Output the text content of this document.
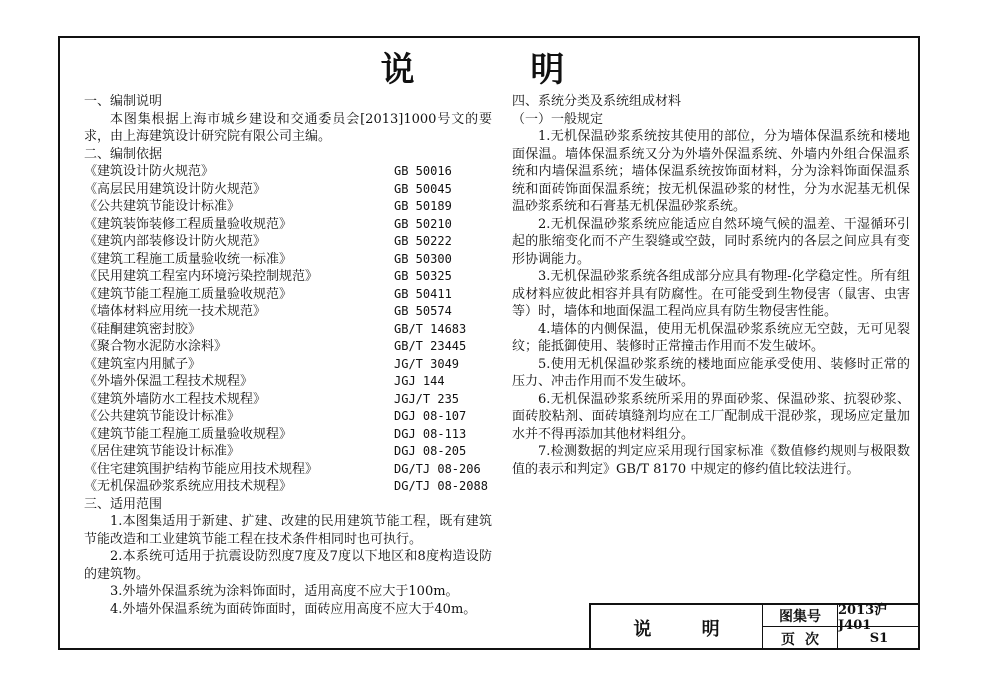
说 明
一、编制说明
本图集根据上海市城乡建设和交通委员会[2013]1000号文的要求，由上海建筑设计研究院有限公司主编。
二、编制依据
《建筑设计防火规范》	GB 50016
《高层民用建筑设计防火规范》	GB 50045
《公共建筑节能设计标准》	GB 50189
《建筑装饰装修工程质量验收规范》	GB 50210
《建筑内部装修设计防火规范》	GB 50222
《建筑工程施工质量验收统一标准》	GB 50300
《民用建筑工程室内环境污染控制规范》	GB 50325
《建筑节能工程施工质量验收规范》	GB 50411
《墙体材料应用统一技术规范》	GB 50574
《硅酮建筑密封胶》	GB/T 14683
《聚合物水泥防水涂料》	GB/T 23445
《建筑室内用腻子》	JG/T 3049
《外墙外保温工程技术规程》	JGJ 144
《建筑外墙防水工程技术规程》	JGJ/T 235
《公共建筑节能设计标准》	DGJ 08-107
《建筑节能工程施工质量验收规程》	DGJ 08-113
《居住建筑节能设计标准》	DGJ 08-205
《住宅建筑围护结构节能应用技术规程》	DG/TJ 08-206
《无机保温砂浆系统应用技术规程》	DG/TJ 08-2088
三、适用范围
1.本图集适用于新建、扩建、改建的民用建筑节能工程，既有建筑节能改造和工业建筑节能工程在技术条件相同时也可执行。
2.本系统可适用于抗震设防烈度7度及7度以下地区和8度构造设防的建筑物。
3.外墙外保温系统为涂料饰面时，适用高度不应大于100m。
4.外墙外保温系统为面砖饰面时，面砖应用高度不应大于40m。
四、系统分类及系统组成材料
（一）一般规定
1.无机保温砂浆系统按其使用的部位，分为墙体保温系统和楼地面保温。墙体保温系统又分为外墙外保温系统、外墙内外组合保温系统和内墙保温系统；墙体保温系统按饰面材料，分为涂料饰面保温系统和面砖饰面保温系统；按无机保温砂浆的材性，分为水泥基无机保温砂浆系统和石膏基无机保温砂浆系统。
2.无机保温砂浆系统应能适应自然环境气候的温差、干湿循环引起的胀缩变化而不产生裂缝或空鼓，同时系统内的各层之间应具有变形协调能力。
3.无机保温砂浆系统各组成部分应具有物理-化学稳定性。所有组成材料应彼此相容并具有防腐性。在可能受到生物侵害（鼠害、虫害等）时，墙体和地面保温工程尚应具有防生物侵害性能。
4.墙体的内侧保温，使用无机保温砂浆系统应无空鼓，无可见裂纹；能抵御使用、装修时正常撞击作用而不发生破坏。
5.使用无机保温砂浆系统的楼地面应能承受使用、装修时正常的压力、冲击作用而不发生破坏。
6.无机保温砂浆系统所采用的界面砂浆、保温砂浆、抗裂砂浆、面砖胶粘剂、面砖填缝剂均应在工厂配制成干混砂浆，现场应定量加水并不得再添加其他材料组分。
7.检测数据的判定应采用现行国家标准《数值修约规则与极限数值的表示和判定》GB/T 8170 中规定的修约值比较法进行。
说 明
图集号	2013沪J401
页次	S1
